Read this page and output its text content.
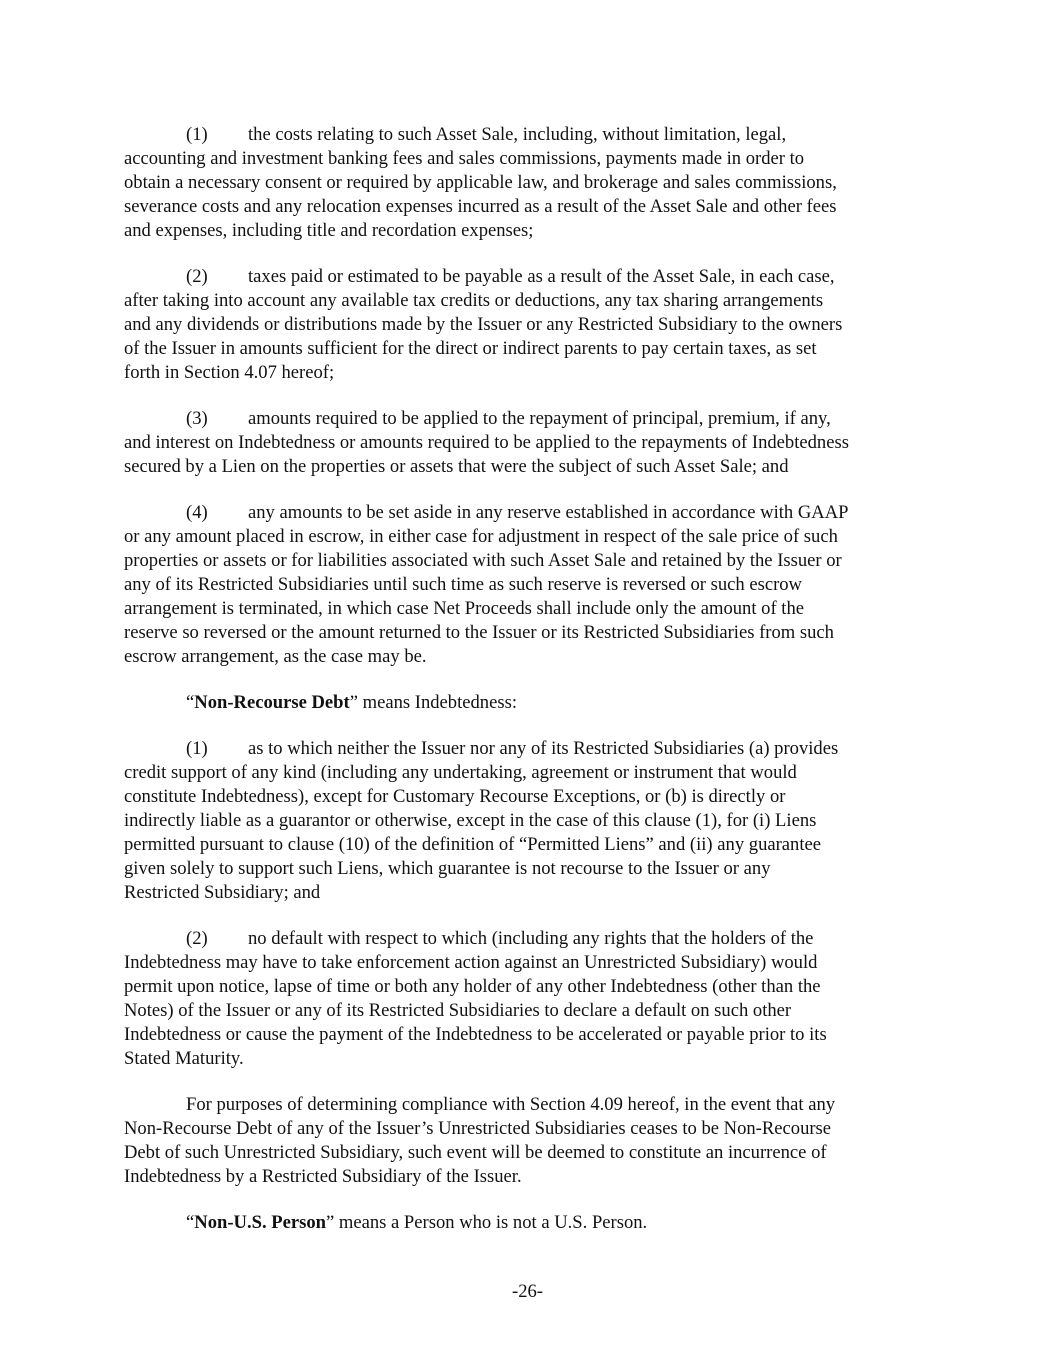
(1) the costs relating to such Asset Sale, including, without limitation, legal,
accounting and investment banking fees and sales commissions, payments made in order to
obtain a necessary consent or required by applicable law, and brokerage and sales commissions,
severance costs and any relocation expenses incurred as a result of the Asset Sale and other fees
and expenses, including title and recordation expenses;
(2) taxes paid or estimated to be payable as a result of the Asset Sale, in each case,
after taking into account any available tax credits or deductions, any tax sharing arrangements
and any dividends or distributions made by the Issuer or any Restricted Subsidiary to the owners
of the Issuer in amounts sufficient for the direct or indirect parents to pay certain taxes, as set
forth in Section 4.07 hereof;
(3) amounts required to be applied to the repayment of principal, premium, if any,
and interest on Indebtedness or amounts required to be applied to the repayments of Indebtedness
secured by a Lien on the properties or assets that were the subject of such Asset Sale; and
(4) any amounts to be set aside in any reserve established in accordance with GAAP
or any amount placed in escrow, in either case for adjustment in respect of the sale price of such
properties or assets or for liabilities associated with such Asset Sale and retained by the Issuer or
any of its Restricted Subsidiaries until such time as such reserve is reversed or such escrow
arrangement is terminated, in which case Net Proceeds shall include only the amount of the
reserve so reversed or the amount returned to the Issuer or its Restricted Subsidiaries from such
escrow arrangement, as the case may be.
“Non-Recourse Debt” means Indebtedness:
(1) as to which neither the Issuer nor any of its Restricted Subsidiaries (a) provides
credit support of any kind (including any undertaking, agreement or instrument that would
constitute Indebtedness), except for Customary Recourse Exceptions, or (b) is directly or
indirectly liable as a guarantor or otherwise, except in the case of this clause (1), for (i) Liens
permitted pursuant to clause (10) of the definition of “Permitted Liens” and (ii) any guarantee
given solely to support such Liens, which guarantee is not recourse to the Issuer or any
Restricted Subsidiary; and
(2) no default with respect to which (including any rights that the holders of the
Indebtedness may have to take enforcement action against an Unrestricted Subsidiary) would
permit upon notice, lapse of time or both any holder of any other Indebtedness (other than the
Notes) of the Issuer or any of its Restricted Subsidiaries to declare a default on such other
Indebtedness or cause the payment of the Indebtedness to be accelerated or payable prior to its
Stated Maturity.
For purposes of determining compliance with Section 4.09 hereof, in the event that any
Non-Recourse Debt of any of the Issuer’s Unrestricted Subsidiaries ceases to be Non-Recourse
Debt of such Unrestricted Subsidiary, such event will be deemed to constitute an incurrence of
Indebtedness by a Restricted Subsidiary of the Issuer.
“Non-U.S. Person” means a Person who is not a U.S. Person.
-26-
